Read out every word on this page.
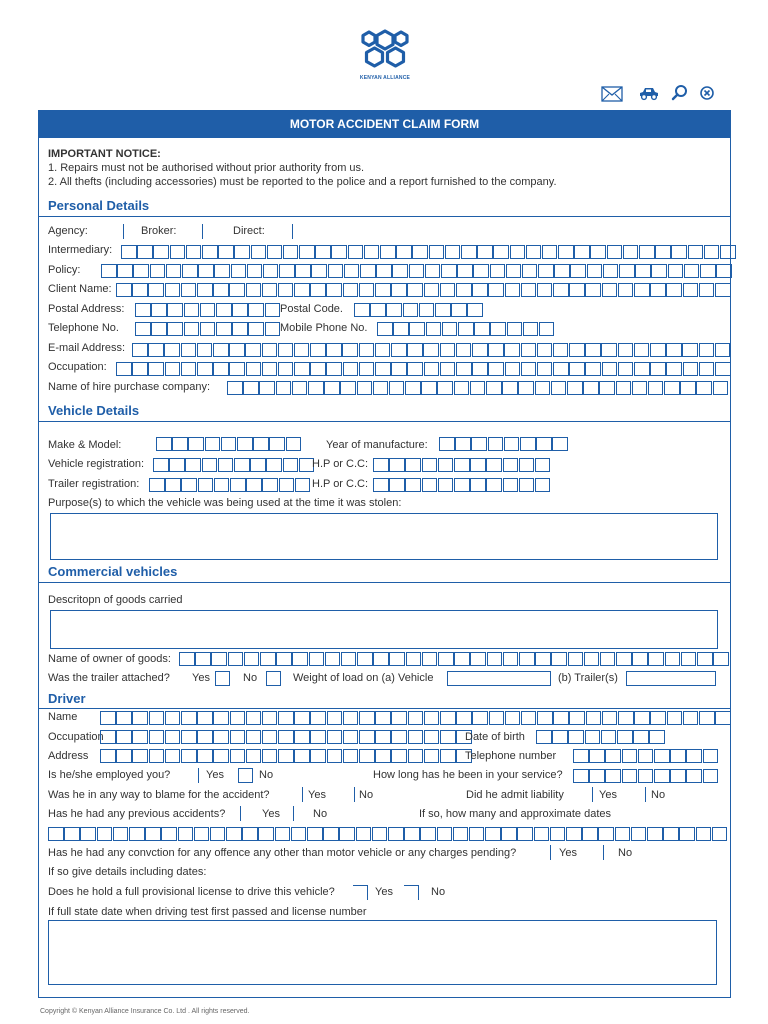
KENYAN ALLIANCE
MOTOR ACCIDENT CLAIM FORM
IMPORTANT NOTICE:
1. Repairs must not be authorised without prior authority from us.
2. All thefts (including accessories) must be reported to the police and a report furnished to the company.
Personal Details
Agency:	Broker:	Direct:
Intermediary:
Policy:
Client Name:
Postal Address:	Postal Code.
Telephone No.	Mobile Phone No.
E-mail Address:
Occupation:
Name of hire purchase company:
Vehicle Details
Make & Model:	Year of manufacture:
Vehicle registration:	H.P or C.C:
Trailer registration:	H.P or C.C:
Purpose(s) to which the vehicle was being used at the time it was stolen:
Commercial vehicles
Descritopn of goods carried
Name of owner of goods:
Was the trailer attached? Yes	No	Weight of load on (a) Vehicle	(b) Trailer(s)
Driver
Name
Occupation	Date of birth
Address	Telephone number
Is he/she employed you?	Yes	No	How long has he been in your service?
Was he in any way to blame for the accident?	Yes	No	Did he admit liability	Yes	No
Has he had any previous accidents?	Yes	No	If so, how many and approximate dates
Has he had any convction for any offence any other than motor vehicle or any charges pending?	Yes	No
If so give details including dates:
Does he hold a full provisional license to drive this vehicle?	Yes	No
If full state date when driving test first passed and license number
Copyright © Kenyan Alliance Insurance Co. Ltd . All rights reserved.
